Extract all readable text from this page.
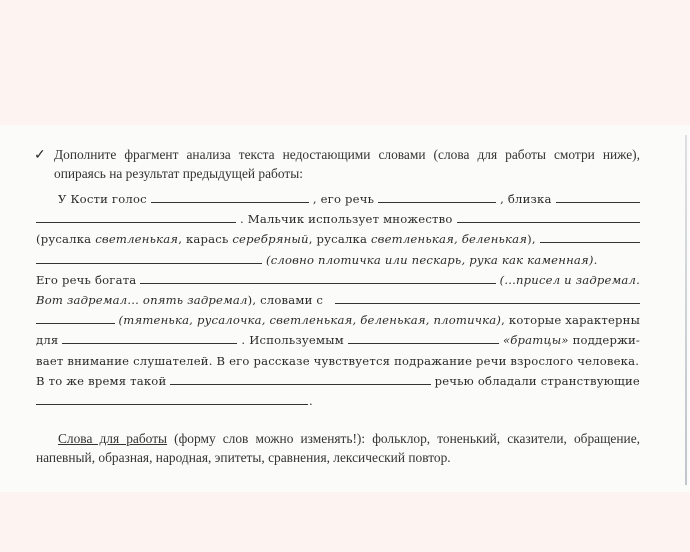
✓ Дополните фрагмент анализа текста недостающими словами (слова для работы смотри ниже), опираясь на результат предыдущей работы:
У Кости голос	, его речь	, близка
. Мальчик использует множество
(русалка
светленькая , карась
серебряный , русалка
светленькая, беленькая ),
(словно плотичка или пескарь, рука как каменная).
Его речь богата	(...присел и задремал.
Вот задремал... опять задремал ), словами с
(тятенька, русалочка, светленькая, беленькая, плотичка) , которые характерны
для	. Используемым	«братцы»
поддержи-
вает внимание слушателей. В его рассказе чувствуется подражание речи взрослого человека.
В то же время такой	речью обладали странствующие
.
Слова для работы (форму слов можно изменять!): фольклор, тоненький, сказители, обращение, напевный, образная, народная, эпитеты, сравнения, лексический повтор.
